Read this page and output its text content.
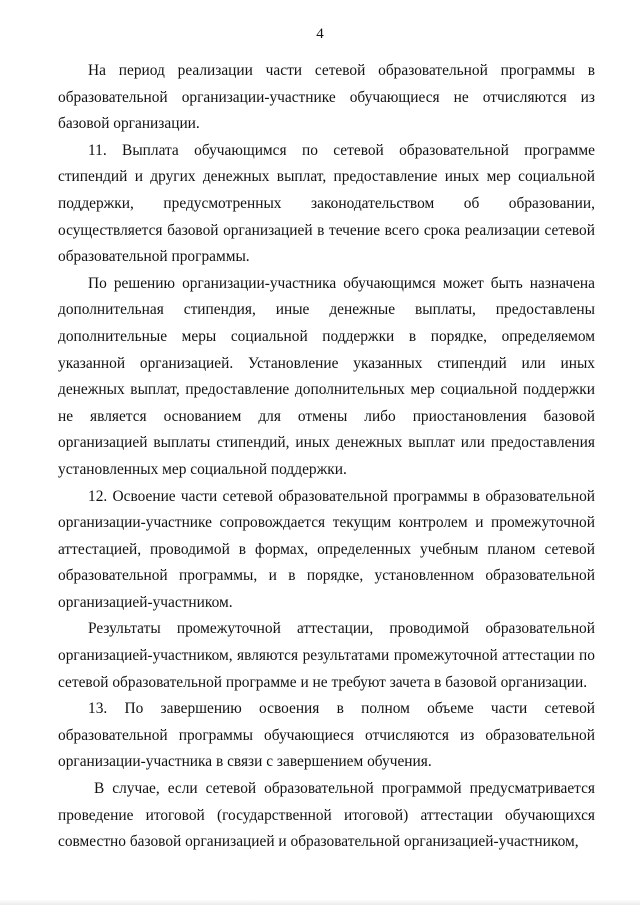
4

На период реализации части сетевой образовательной программы в образовательной организации-участнике обучающиеся не отчисляются из базовой организации.

11. Выплата обучающимся по сетевой образовательной программе стипендий и других денежных выплат, предоставление иных мер социальной поддержки, предусмотренных законодательством об образовании, осуществляется базовой организацией в течение всего срока реализации сетевой образовательной программы.

По решению организации-участника обучающимся может быть назначена дополнительная стипендия, иные денежные выплаты, предоставлены дополнительные меры социальной поддержки в порядке, определяемом указанной организацией. Установление указанных стипендий или иных денежных выплат, предоставление дополнительных мер социальной поддержки не является основанием для отмены либо приостановления базовой организацией выплаты стипендий, иных денежных выплат или предоставления установленных мер социальной поддержки.

12. Освоение части сетевой образовательной программы в образовательной организации-участнике сопровождается текущим контролем и промежуточной аттестацией, проводимой в формах, определенных учебным планом сетевой образовательной программы, и в порядке, установленном образовательной организацией-участником.

Результаты промежуточной аттестации, проводимой образовательной организацией-участником, являются результатами промежуточной аттестации по сетевой образовательной программе и не требуют зачета в базовой организации.

13. По завершению освоения в полном объеме части сетевой образовательной программы обучающиеся отчисляются из образовательной организации-участника в связи с завершением обучения.

В случае, если сетевой образовательной программой предусматривается проведение итоговой (государственной итоговой) аттестации обучающихся совместно базовой организацией и образовательной организацией-участником,
